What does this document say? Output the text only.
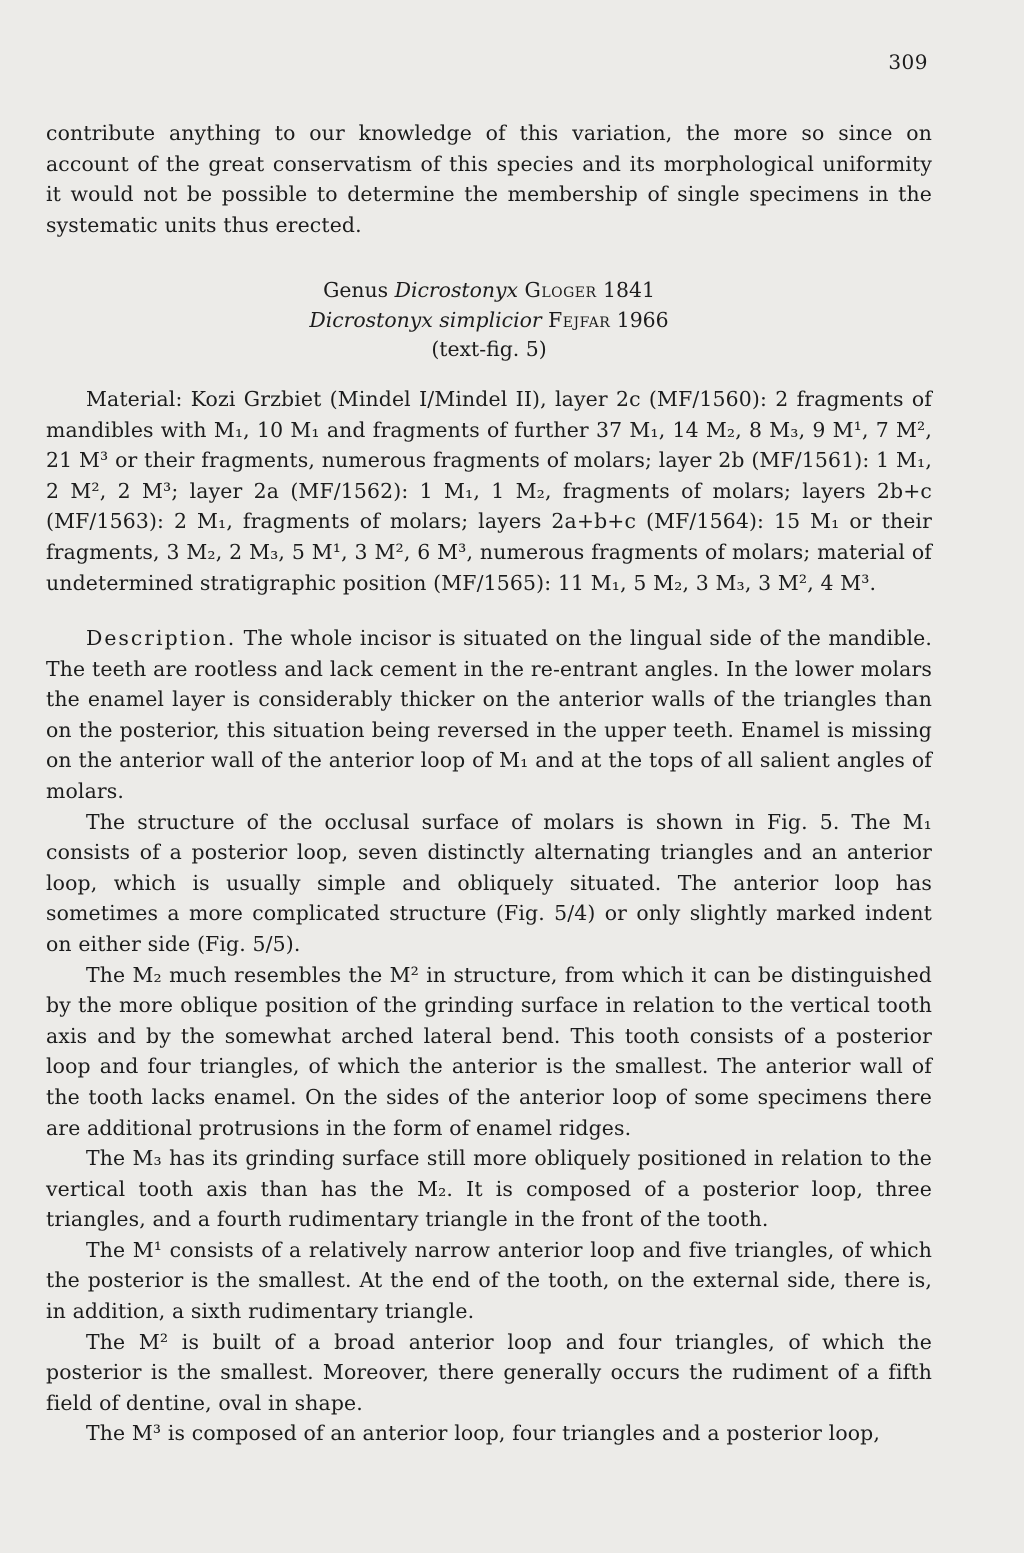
309

contribute anything to our knowledge of this variation, the more so since on account of the great conservatism of this species and its morphological uniformity it would not be possible to determine the membership of single specimens in the systematic units thus erected.

Genus Dicrostonyx Gloger 1841
Dicrostonyx simplicior Fejfar 1966
(text-fig. 5)

Material: Kozi Grzbiet (Mindel I/Mindel II), layer 2c (MF/1560): 2 fragments of mandibles with M₁, 10 M₁ and fragments of further 37 M₁, 14 M₂, 8 M₃, 9 M¹, 7 M², 21 M³ or their fragments, numerous fragments of molars; layer 2b (MF/1561): 1 M₁, 2 M², 2 M³; layer 2a (MF/1562): 1 M₁, 1 M₂, fragments of molars; layers 2b+c (MF/1563): 2 M₁, fragments of molars; layers 2a+b+c (MF/1564): 15 M₁ or their fragments, 3 M₂, 2 M₃, 5 M¹, 3 M², 6 M³, numerous fragments of molars; material of undetermined stratigraphic position (MF/1565): 11 M₁, 5 M₂, 3 M₃, 3 M², 4 M³.

Description. The whole incisor is situated on the lingual side of the mandible. The teeth are rootless and lack cement in the re-entrant angles. In the lower molars the enamel layer is considerably thicker on the anterior walls of the triangles than on the posterior, this situation being reversed in the upper teeth. Enamel is missing on the anterior wall of the anterior loop of M₁ and at the tops of all salient angles of molars.

The structure of the occlusal surface of molars is shown in Fig. 5. The M₁ consists of a posterior loop, seven distinctly alternating triangles and an anterior loop, which is usually simple and obliquely situated. The anterior loop has sometimes a more complicated structure (Fig. 5/4) or only slightly marked indent on either side (Fig. 5/5).

The M₂ much resembles the M² in structure, from which it can be distinguished by the more oblique position of the grinding surface in relation to the vertical tooth axis and by the somewhat arched lateral bend. This tooth consists of a posterior loop and four triangles, of which the anterior is the smallest. The anterior wall of the tooth lacks enamel. On the sides of the anterior loop of some specimens there are additional protrusions in the form of enamel ridges.

The M₃ has its grinding surface still more obliquely positioned in relation to the vertical tooth axis than has the M₂. It is composed of a posterior loop, three triangles, and a fourth rudimentary triangle in the front of the tooth.

The M¹ consists of a relatively narrow anterior loop and five triangles, of which the posterior is the smallest. At the end of the tooth, on the external side, there is, in addition, a sixth rudimentary triangle.

The M² is built of a broad anterior loop and four triangles, of which the posterior is the smallest. Moreover, there generally occurs the rudiment of a fifth field of dentine, oval in shape.

The M³ is composed of an anterior loop, four triangles and a posterior loop,
